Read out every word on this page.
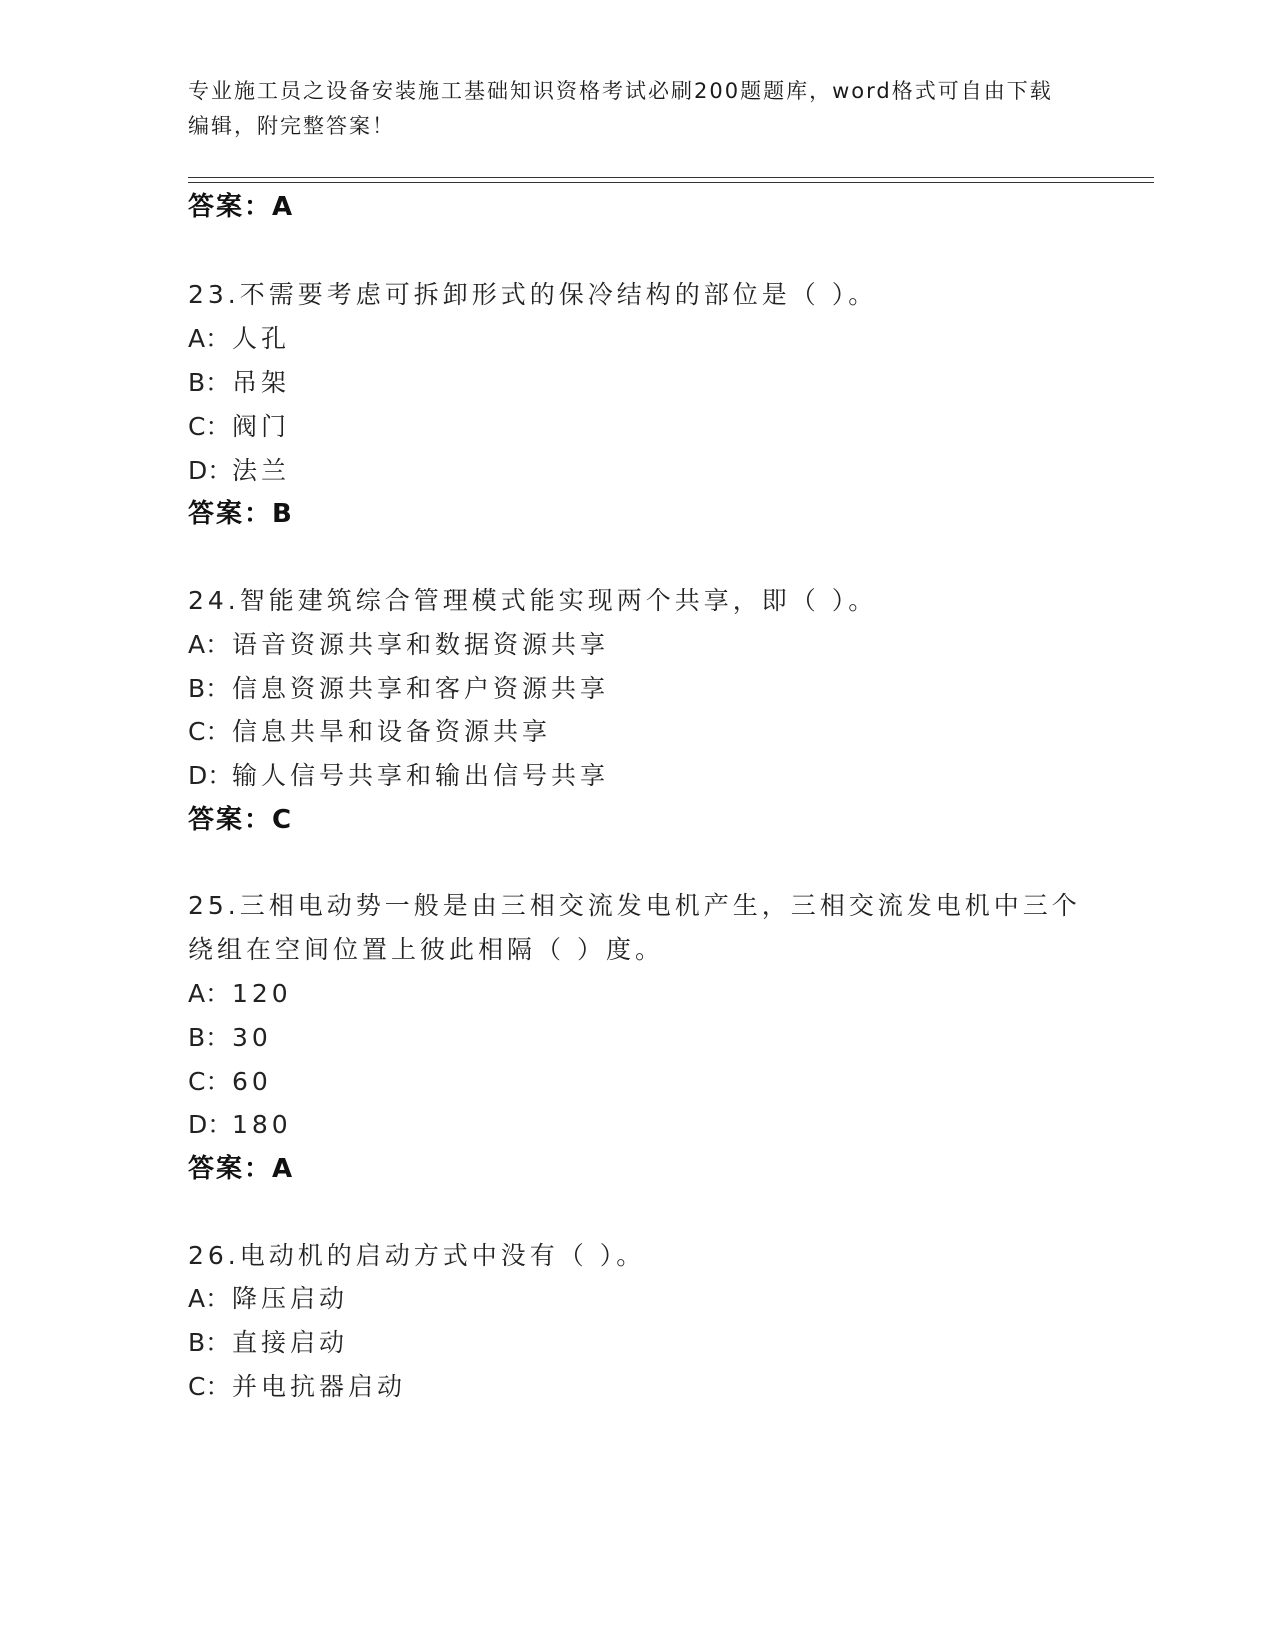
专业施工员之设备安装施工基础知识资格考试必刷200题题库，word格式可自由下载编辑，附完整答案！
答案：A
23.不需要考虑可拆卸形式的保冷结构的部位是（ ）。
A：人孔
B：吊架
C：阀门
D：法兰
答案：B
24.智能建筑综合管理模式能实现两个共享，即（ ）。
A：语音资源共享和数据资源共享
B：信息资源共享和客户资源共享
C：信息共旱和设备资源共享
D：输人信号共享和输出信号共享
答案：C
25.三相电动势一般是由三相交流发电机产生，三相交流发电机中三个
绕组在空间位置上彼此相隔（ ）度。
A：120
B：30
C：60
D：180
答案：A
26.电动机的启动方式中没有（ ）。
A：降压启动
B：直接启动
C：并电抗器启动
